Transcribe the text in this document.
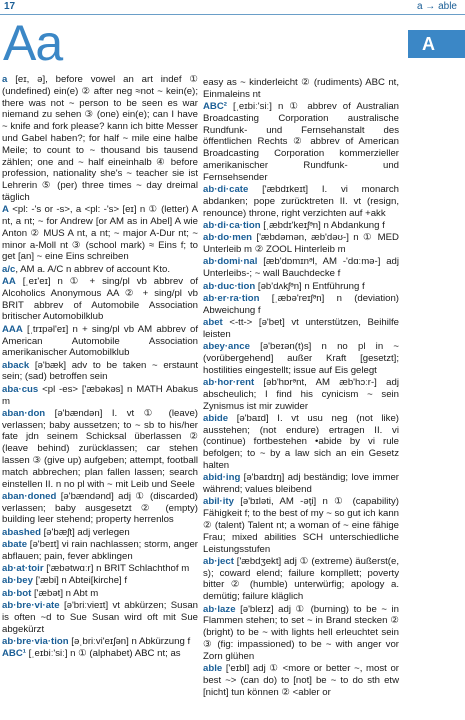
17	a → able
Aa	A
a [eɪ, ə], before vowel an art indef ① (undefined) ein(e) ② after neg ≈not ~ kein(e); there was not ~ person to be seen es war niemand zu sehen ③ (one) ein(e); can I have ~ knife and fork please? kann ich bitte Messer und Gabel haben?; for half ~ mile eine halbe Meile; to count to ~ thousand bis tausend zählen; one and ~ half eineinhalb ④ before profession, nationality she's ~ teacher sie ist Lehrerin ⑤ (per) three times ~ day dreimal täglich
A <pl: -'s or -s>, a <pl: -'s> [eɪ] n ① (letter) A nt, a nt; ~ for Andrew [or AM as in Abel] A wie Anton ② MUS A nt, a nt; ~ major A-Dur nt; ~ minor a-Moll nt ③ (school mark) ≈ Eins f; to get [an] ~ eine Eins schreiben
a/c, AM a. A/C n abbrev of account Kto.
AA [ˌeɪ'eɪ] n ① + sing/pl vb abbrev of Alcoholics Anonymous AA ② + sing/pl vb BRIT abbrev of Automobile Association britischer Automobilklub
AAA [ˌtrɪpəl'eɪ] n + sing/pl vb AM abbrev of American Automobile Association amerikanischer Automobilklub
aback [ə'bæk] adv to be taken ~ erstaunt sein; (sad) betroffen sein
aba·cus <pl -es> ['æbəkəs] n MATH Abakus m
aban·don [ə'bændən] I. vt ① (leave) verlassen; baby aussetzen; to ~ sb to his/her fate jdn seinem Schicksal überlassen ② (leave behind) zurücklassen; car stehen lassen ③ (give up) aufgeben; attempt, football match abbrechen; plan fallen lassen; search einstellen II. n no pl with ~ mit Leib und Seele
aban·doned [ə'bændənd] adj ① (discarded) verlassen; baby ausgesetzt ② (empty) building leer stehend; property herrenlos
abashed [ə'bæʃt] adj verlegen
abate [ə'beɪt] vi rain nachlassen; storm, anger abflauen; pain, fever abklingen
ab·at·toir ['æbətwɑːr] n BRIT Schlachthof m
ab·bey ['æbi] n Abtei[kirche] f
ab·bot ['æbət] n Abt m
ab·bre·vi·ate [ə'briːvieɪt] vt abkürzen; Susan is often ~d to Sue Susan wird oft mit Sue abgekürzt
ab·bre·via·tion [əˌbriːvi'eɪʃən] n Abkürzung f
ABC¹ [ˌeɪbiː'siː] n ① (alphabet) ABC nt; as
easy as ~ kinderleicht ② (rudiments) ABC nt, Einmaleins nt
ABC² [ˌeɪbiː'siː] n ① abbrev of Australian Broadcasting Corporation australische Rundfunk- und Fernsehanstalt des öffentlichen Rechts ② abbrev of American Broadcasting Corporation kommerzieller amerikanischer Rundfunk- und Fernsehsender
ab·di·cate ['æbdɪkeɪt] I. vi monarch abdanken; pope zurücktreten II. vt (resign, renounce) throne, right verzichten auf +akk
ab·di·ca·tion [ˌæbdɪ'keɪʃᵊn] n Abdankung f
ab·do·men ['æbdəmən, æb'dəʊ-] n ① MED Unterleib m ② ZOOL Hinterleib m
ab·domi·nal [æb'dɒmɪnᵊl, AM -'dɑːmə-] adj Unterleibs-; ~ wall Bauchdecke f
ab·duc·tion [əb'dʌkʃᵊn] n Entführung f
ab·er·ra·tion [ˌæbə'reɪʃᵊn] n (deviation) Abweichung f
abet <-tt-> [ə'bet] vt unterstützen, Beihilfe leisten
abey·ance [ə'beɪən(t)s] n no pl in ~ (vorübergehend] außer Kraft [gesetzt]; hostilities eingestellt; issue auf Eis gelegt
ab·hor·rent [əb'hɒrᵊnt, AM æb'hɔːr-] adj abscheulich; I find his cynicism ~ sein Zynismus ist mir zuwider
abide [ə'baɪd] I. vt usu neg (not like) ausstehen; (not endure) ertragen II. vi (continue) fortbestehen •abide by vi rule befolgen; to ~ by a law sich an ein Gesetz halten
abid·ing [ə'baɪdɪŋ] adj beständig; love immer während; values bleibend
abil·ity [ə'bɪləti, AM -əţi] n ① (capability) Fähigkeit f; to the best of my ~ so gut ich kann ② (talent) Talent nt; a woman of ~ eine fähige Frau; mixed abilities SCH unterschiedliche Leistungsstufen
ab·ject ['æbdʒekt] adj ① (extreme) äußerst(e, s); coward elend; failure kompllett; poverty bitter ② (humble) unterwürfig; apology a. demütig; failure kläglich
ab·laze [ə'bleɪz] adj ① (burning) to be ~ in Flammen stehen; to set ~ in Brand stecken ② (bright) to be ~ with lights hell erleuchtet sein ③ (fig: impassioned) to be ~ with anger vor Zorn glühen
able ['eɪbl] adj ① <more or better ~, most or best ~> (can do) to [not] be ~ to do sth etw [nicht] tun können ② <abler or
